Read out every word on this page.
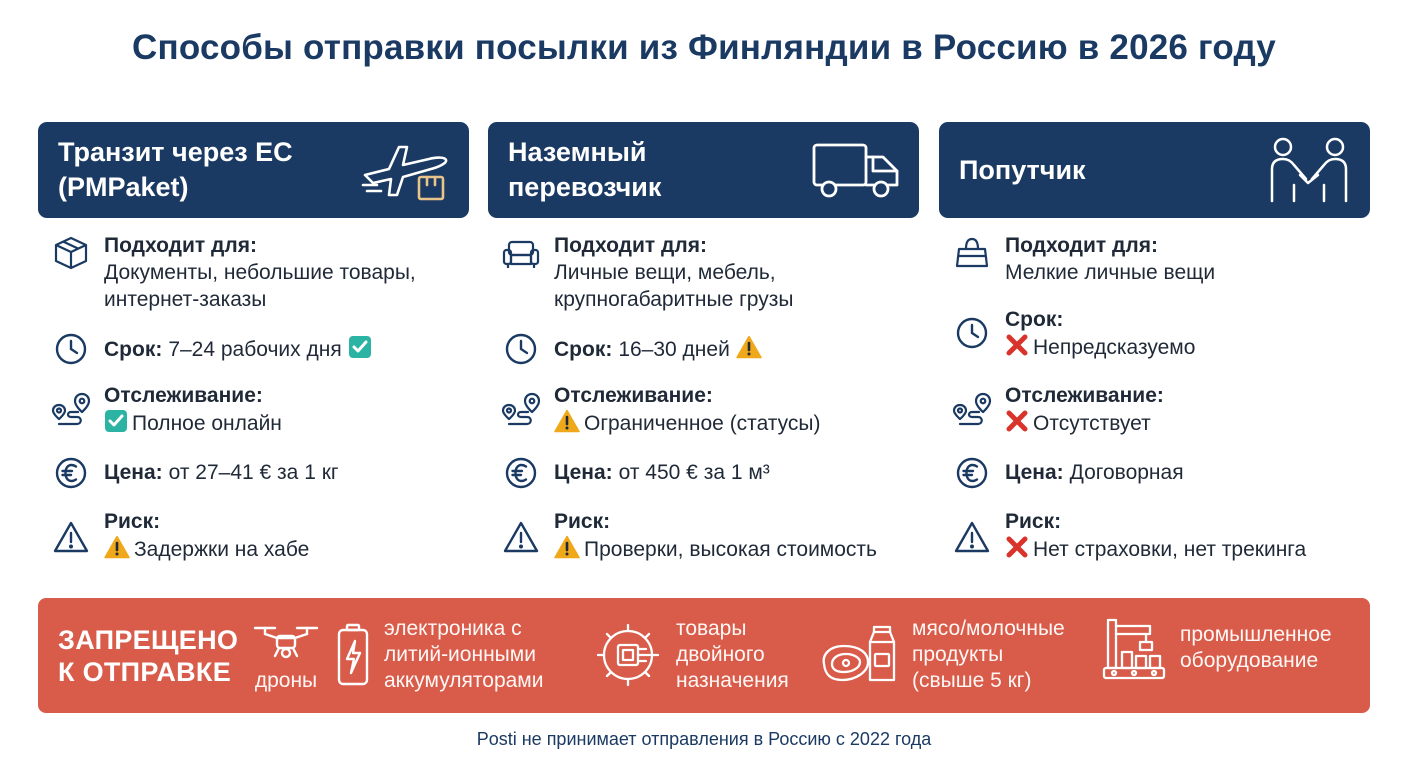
Способы отправки посылки из Финляндии в Россию в 2026 году
Транзит через ЕС
(PMPaket)
Подходит для:
Документы, небольшие товары, интернет-заказы
Срок: 7–24 рабочих дня
Отслеживание:
Полное онлайн
Цена: от 27–41 € за 1 кг
Риск:
Задержки на хабе
Наземный
перевозчик
Подходит для:
Личные вещи, мебель, крупногабаритные грузы
Срок: 16–30 дней
Отслеживание:
Ограниченное (статусы)
Цена: от 450 € за 1 м³
Риск:
Проверки, высокая стоимость
Попутчик
Подходит для:
Мелкие личные вещи
Срок:
Непредсказуемо
Отслеживание:
Отсутствует
Цена: Договорная
Риск:
Нет страховки, нет трекинга
ЗАПРЕЩЕНО
К ОТПРАВКЕ	дроны
электроника с
литий-ионными
аккумуляторами
товары
двойного
назначения
мясо/молочные
продукты
(свыше 5 кг)
промышленное
оборудование
Posti не принимает отправления в Россию с 2022 года
